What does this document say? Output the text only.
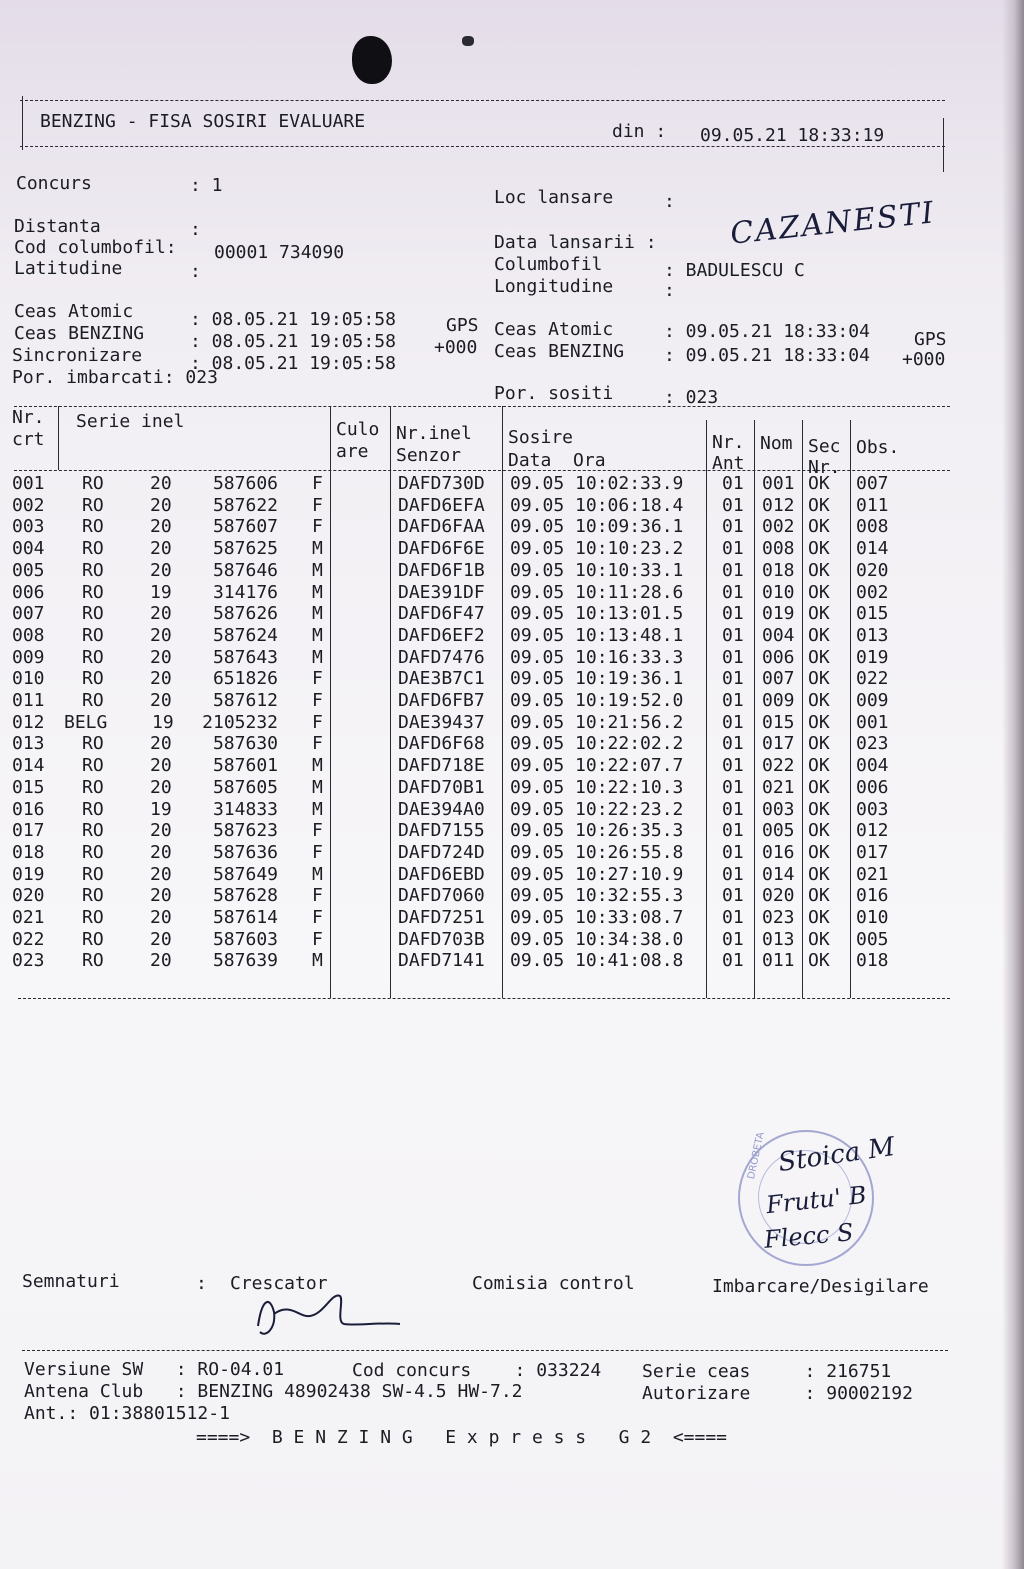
BENZING - FISA SOSIRI EVALUARE	din : 09.05.21 18:33:19
Concurs	: 1
Distanta	:
Cod columbofil: 00001 734090
Latitudine	:
Loc lansare	: CAZANESTI
Data lansarii :
Columbofil	: BADULESCU C
Longitudine	:
Ceas Atomic	: 08.05.21 19:05:58	GPS
Ceas BENZING	: 08.05.21 19:05:58 +000
Sincronizare	: 08.05.21 19:05:58
Por. imbarcati: 023
Ceas Atomic	: 09.05.21 18:33:04 GPS
Ceas BENZING : 09.05.21 18:33:04 +000
Por. sositi	: 023
Nr.
crt
Serie inel	Culo
are
Nr.inel
Senzor
Sosire
Data  Ora
Nr.
Ant
Nom Sec
Nr.
Obs.
001 RO	20 587606 F	DAFD730D 09.05 10:02:33.9 01 001 OK 007
002 RO	20 587622 F	DAFD6EFA 09.05 10:06:18.4 01 012 OK 011
003 RO	20 587607 F	DAFD6FAA 09.05 10:09:36.1 01 002 OK 008
004 RO	20 587625 M	DAFD6F6E 09.05 10:10:23.2 01 008 OK 014
005 RO	20 587646 M	DAFD6F1B 09.05 10:10:33.1 01 018 OK 020
006 RO	19 314176 M	DAE391DF 09.05 10:11:28.6 01 010 OK 002
007 RO	20 587626 M	DAFD6F47 09.05 10:13:01.5 01 019 OK 015
008 RO	20 587624 M	DAFD6EF2 09.05 10:13:48.1 01 004 OK 013
009 RO	20 587643 M	DAFD7476 09.05 10:16:33.3 01 006 OK 019
010 RO	20 651826 F	DAE3B7C1 09.05 10:19:36.1 01 007 OK 022
011 RO	20 587612 F	DAFD6FB7 09.05 10:19:52.0 01 009 OK 009
012 BELG 19 2105232 F	DAE39437 09.05 10:21:56.2 01 015 OK 001
013 RO	20 587630 F	DAFD6F68 09.05 10:22:02.2 01 017 OK 023
014 RO	20 587601 M	DAFD718E 09.05 10:22:07.7 01 022 OK 004
015 RO	20 587605 M	DAFD70B1 09.05 10:22:10.3 01 021 OK 006
016 RO	19 314833 M	DAE394A0 09.05 10:22:23.2 01 003 OK 003
017 RO	20 587623 F	DAFD7155 09.05 10:26:35.3 01 005 OK 012
018 RO	20 587636 F	DAFD724D 09.05 10:26:55.8 01 016 OK 017
019 RO	20 587649 M	DAFD6EBD 09.05 10:27:10.9 01 014 OK 021
020 RO	20 587628 F	DAFD7060 09.05 10:32:55.3 01 020 OK 016
021 RO	20 587614 F	DAFD7251 09.05 10:33:08.7 01 023 OK 010
022 RO	20 587603 F	DAFD703B 09.05 10:34:38.0 01 013 OK 005
023 RO	20 587639 M	DAFD7141 09.05 10:41:08.8 01 011 OK 018
DROBETA Stoica M
Frutu' B
Flecc S
Semnaturi	: Crescator	Comisia control	Imbarcare/Desigilare
Versiune SW   : RO-04.01	Cod concurs    : 033224 Serie ceas     : 216751
Antena Club   : BENZING 48902438 SW-4.5 HW-7.2	Autorizare     : 90002192
Ant.: 01:38801512-1
====>  B E N Z I N G   E x p r e s s   G 2  <====
